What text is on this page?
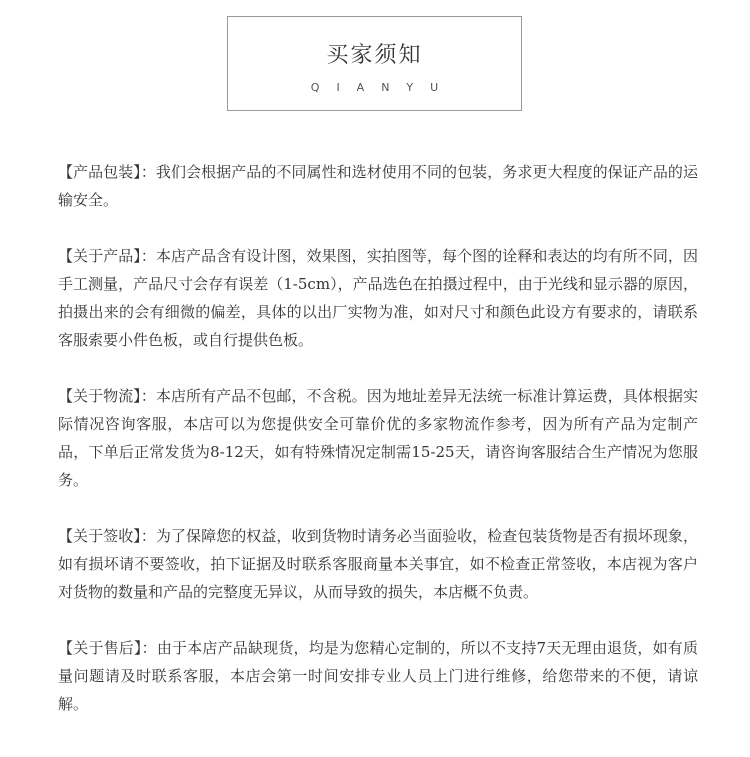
买家须知
QIANYU
【产品包装】：我们会根据产品的不同属性和选材使用不同的包装，务求更大程度的保证产品的运输安全。
【关于产品】：本店产品含有设计图，效果图，实拍图等，每个图的诠释和表达的均有所不同，因手工测量，产品尺寸会存有误差（1-5cm），产品选色在拍摄过程中，由于光线和显示器的原因，拍摄出来的会有细微的偏差，具体的以出厂实物为准，如对尺寸和颜色此设方有要求的，请联系客服索要小件色板，或自行提供色板。
【关于物流】：本店所有产品不包邮，不含税。因为地址差异无法统一标准计算运费，具体根据实际情况咨询客服，本店可以为您提供安全可靠价优的多家物流作参考，因为所有产品为定制产品，下单后正常发货为8-12天，如有特殊情况定制需15-25天，请咨询客服结合生产情况为您服务。
【关于签收】：为了保障您的权益，收到货物时请务必当面验收，检查包装货物是否有损坏现象，如有损坏请不要签收，拍下证据及时联系客服商量本关事宜，如不检查正常签收，本店视为客户对货物的数量和产品的完整度无异议，从而导致的损失，本店概不负责。
【关于售后】：由于本店产品缺现货，均是为您精心定制的，所以不支持7天无理由退货，如有质量问题请及时联系客服，本店会第一时间安排专业人员上门进行维修，给您带来的不便，请谅解。
